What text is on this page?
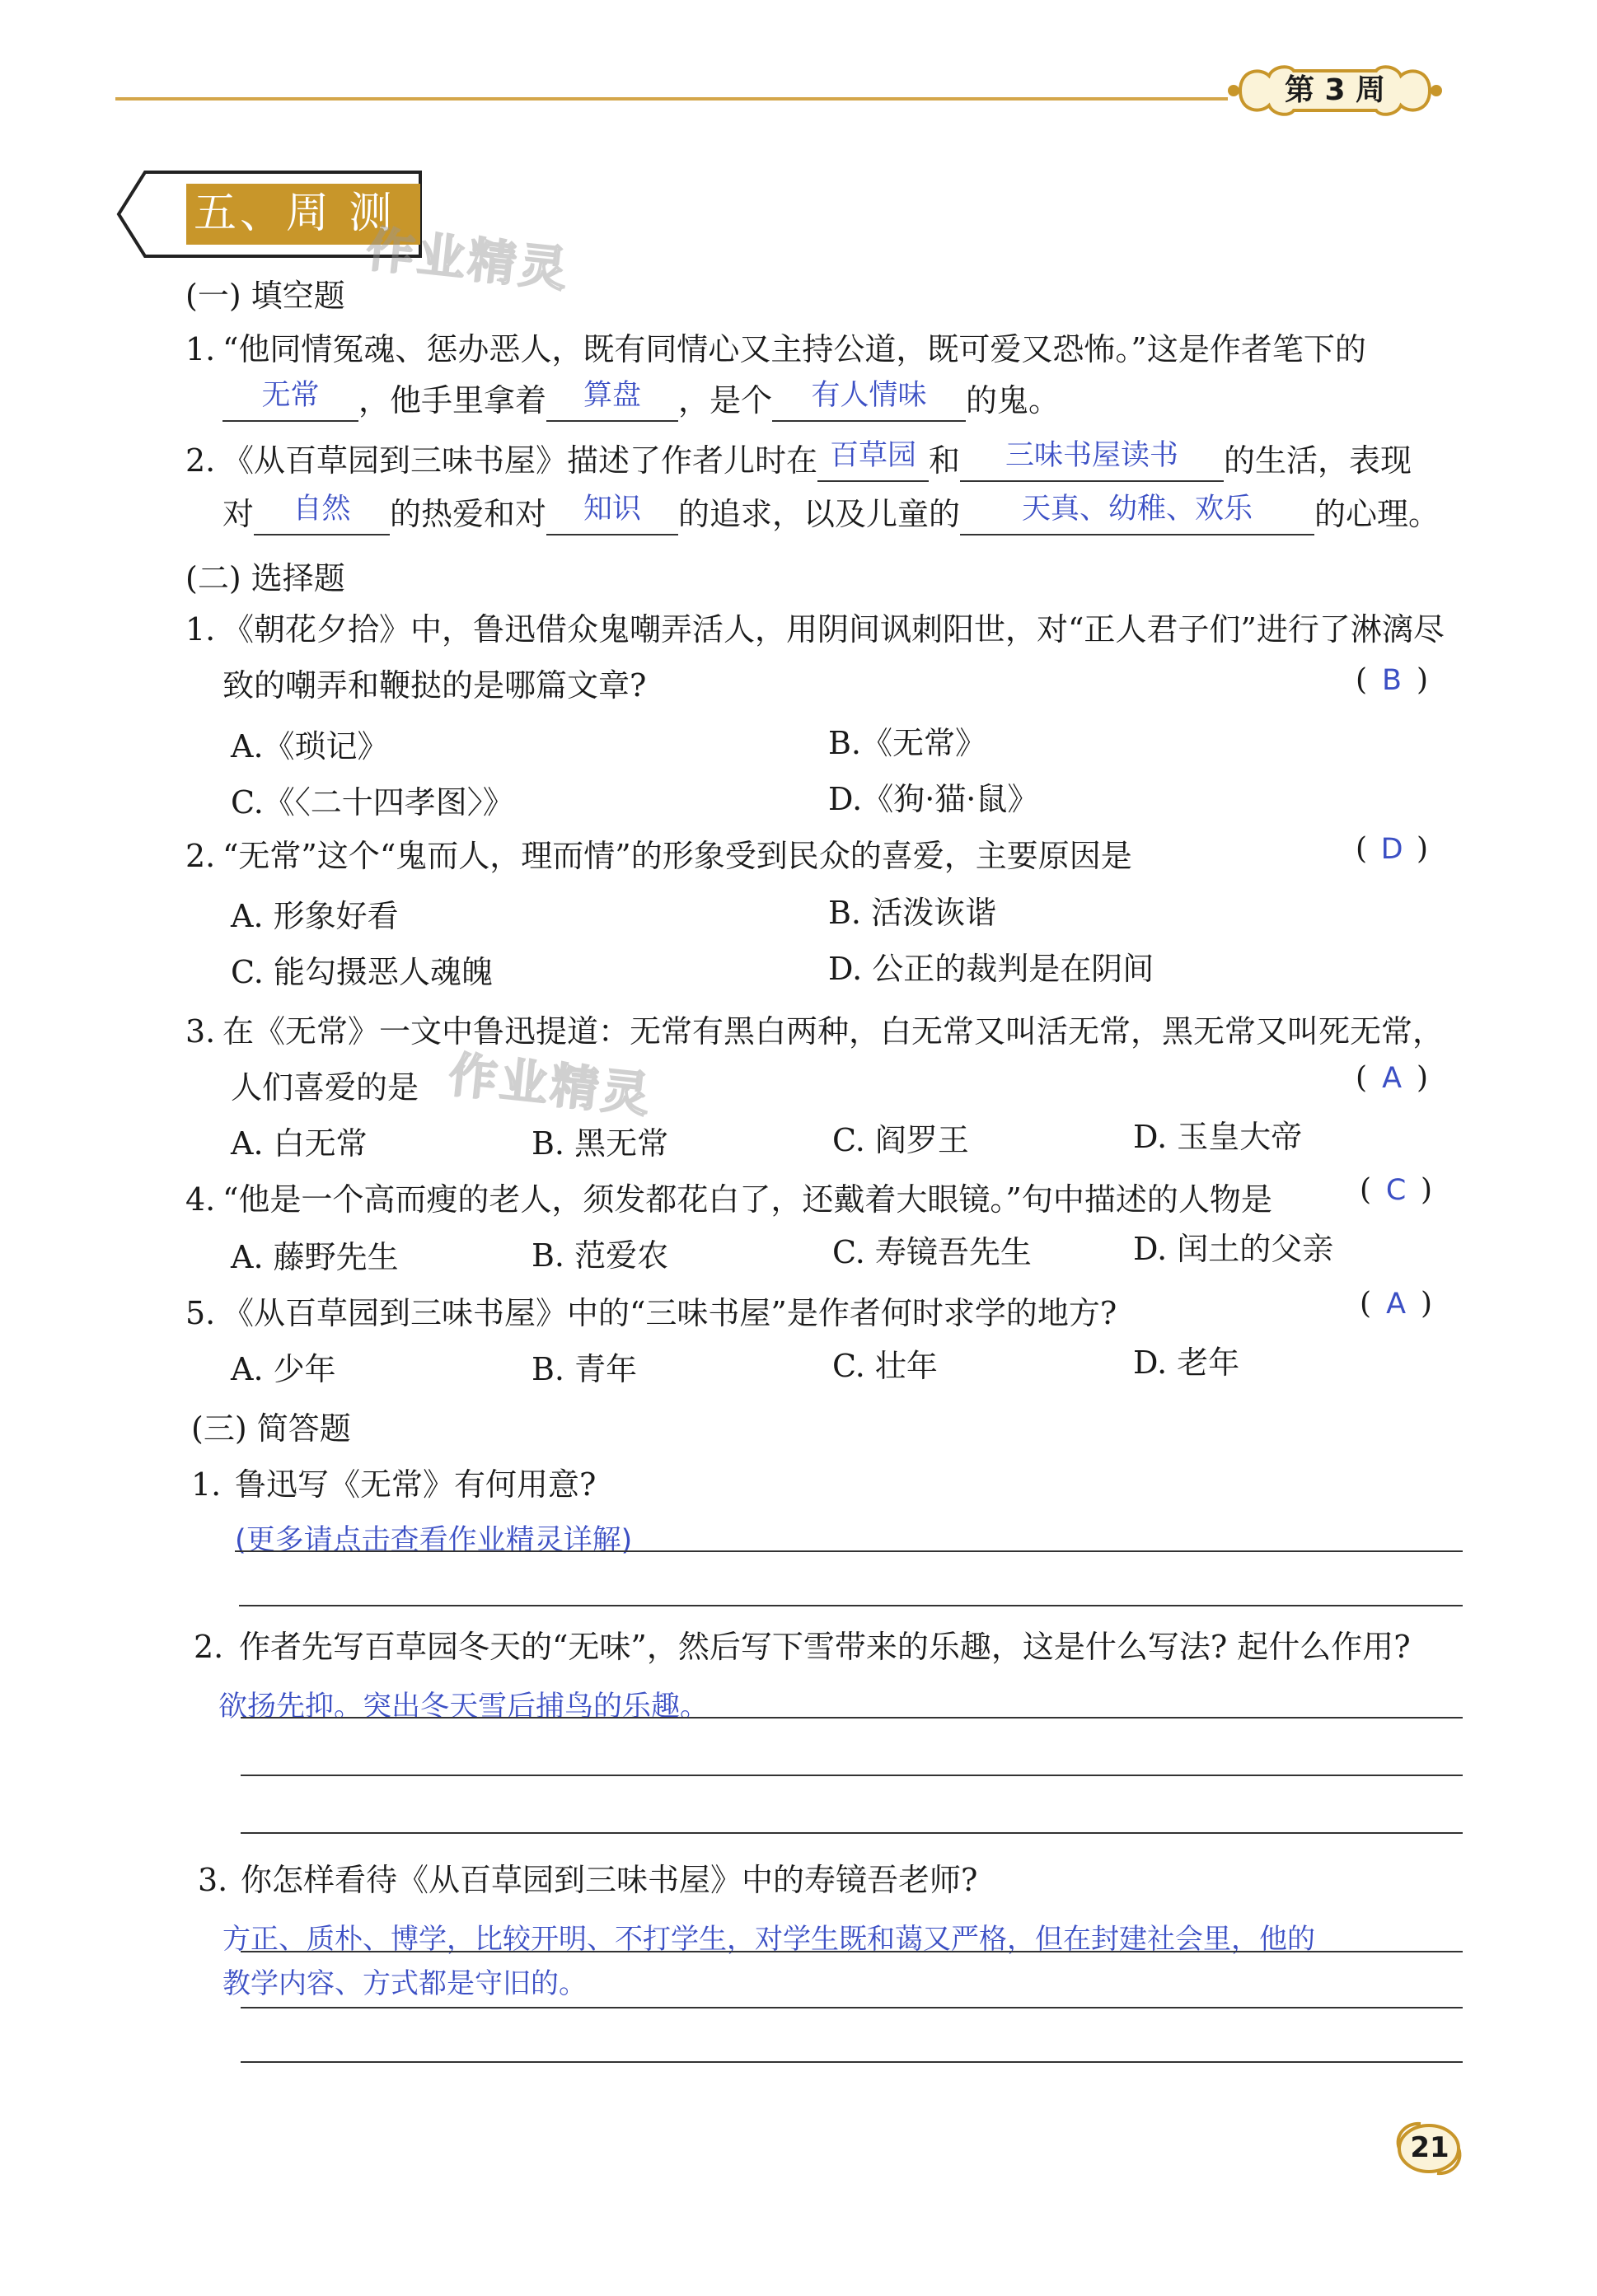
第 3 周
五、周 测
作业精灵
作业精灵
(一) 填空题
1. “他同情冤魂、惩办恶人，既有同情心又主持公道，既可爱又恐怖。”这是作者笔下的
无常 ，他手里拿着 算盘 ，是个 有人情味 的鬼。
2. 《从百草园到三味书屋》描述了作者儿时在 百草园 和 三味书屋读书 的生活，表现
对 自然 的热爱和对 知识 的追求，以及儿童的 天真、幼稚、欢乐 的心理。
(二) 选择题
1. 《朝花夕拾》中，鲁迅借众鬼嘲弄活人，用阴间讽刺阳世，对“正人君子们”进行了淋漓尽
致的嘲弄和鞭挞的是哪篇文章?	( B )
A.《琐记》	B.《无常》
C.《〈二十四孝图〉》	D.《狗·猫·鼠》
2. “无常”这个“鬼而人，理而情”的形象受到民众的喜爱，主要原因是	( D )
A. 形象好看	B. 活泼诙谐
C. 能勾摄恶人魂魄	D. 公正的裁判是在阴间
3. 在《无常》一文中鲁迅提道：无常有黑白两种，白无常又叫活无常，黑无常又叫死无常，
人们喜爱的是	( A )
A. 白无常	B. 黑无常	C. 阎罗王	D. 玉皇大帝
4. “他是一个高而瘦的老人，须发都花白了，还戴着大眼镜。”句中描述的人物是	( C )
A. 藤野先生	B. 范爱农	C. 寿镜吾先生	D. 闰土的父亲
5. 《从百草园到三味书屋》中的“三味书屋”是作者何时求学的地方?	( A )
A. 少年	B. 青年	C. 壮年	D. 老年
(三) 简答题
1. 鲁迅写《无常》有何用意?
(更多请点击查看作业精灵详解)
2. 作者先写百草园冬天的“无味”，然后写下雪带来的乐趣，这是什么写法? 起什么作用?
欲扬先抑。突出冬天雪后捕鸟的乐趣。
3. 你怎样看待《从百草园到三味书屋》中的寿镜吾老师?
方正、质朴、博学，比较开明、不打学生，对学生既和蔼又严格，但在封建社会里，他的
教学内容、方式都是守旧的。
21
